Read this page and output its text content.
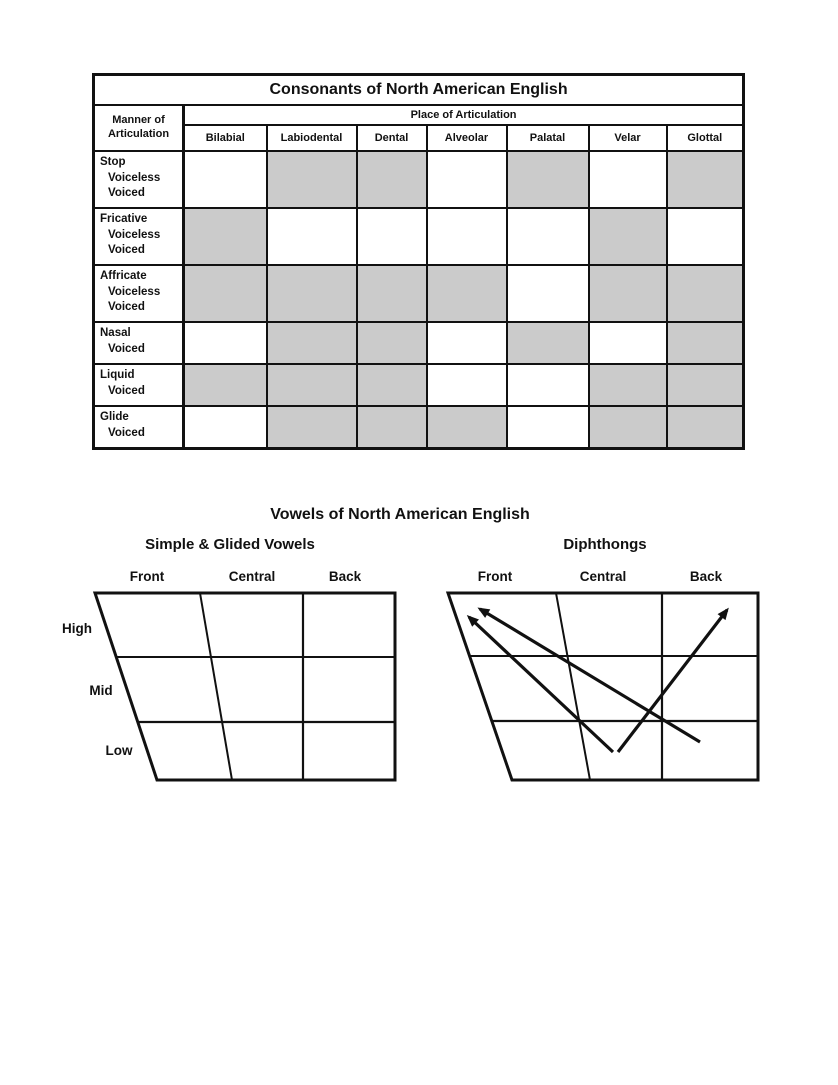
Consonants of North American English							
Manner of Articulation	Place of Articulation						
	Bilabial	Labiodental	Dental	Alveolar	Palatal	Velar	Glottal

Stop
Voiceless
Voiced							

Fricative
Voiceless
Voiced							

Affricate
Voiceless
Voiced							

Nasal
Voiced							

Liquid
Voiced							

Glide
Voiced							

Vowels of North American English
Simple & Glided Vowels	Diphthongs
Front	Central	Back	Front	Central	Back
High
Mid
Low
